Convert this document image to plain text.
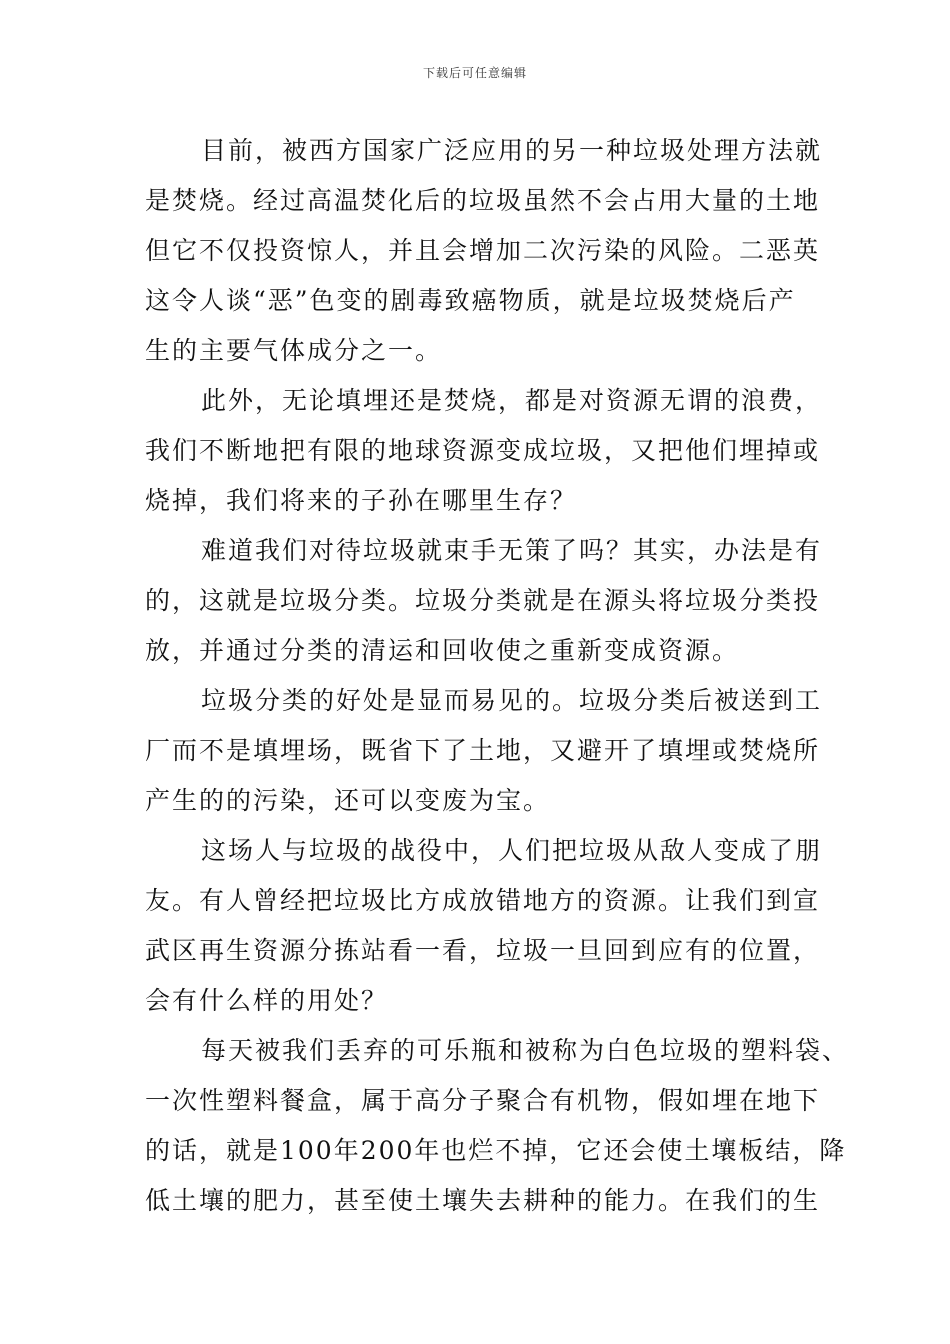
下载后可任意编辑
目前，被西方国家广泛应用的另一种垃圾处理方法就
是焚烧。经过高温焚化后的垃圾虽然不会占用大量的土地
但它不仅投资惊人，并且会增加二次污染的风险。二恶英
这令人谈“恶”色变的剧毒致癌物质，就是垃圾焚烧后产
生的主要气体成分之一。
此外，无论填埋还是焚烧，都是对资源无谓的浪费，
我们不断地把有限的地球资源变成垃圾，又把他们埋掉或
烧掉，我们将来的子孙在哪里生存？
难道我们对待垃圾就束手无策了吗？其实，办法是有
的，这就是垃圾分类。垃圾分类就是在源头将垃圾分类投
放，并通过分类的清运和回收使之重新变成资源。
垃圾分类的好处是显而易见的。垃圾分类后被送到工
厂而不是填埋场，既省下了土地，又避开了填埋或焚烧所
产生的的污染，还可以变废为宝。
这场人与垃圾的战役中，人们把垃圾从敌人变成了朋
友。有人曾经把垃圾比方成放错地方的资源。让我们到宣
武区再生资源分拣站看一看，垃圾一旦回到应有的位置，
会有什么样的用处？
每天被我们丢弃的可乐瓶和被称为白色垃圾的塑料袋、
一次性塑料餐盒，属于高分子聚合有机物，假如埋在地下
的话，就是100年200年也烂不掉，它还会使土壤板结，降
低土壤的肥力，甚至使土壤失去耕种的能力。在我们的生
